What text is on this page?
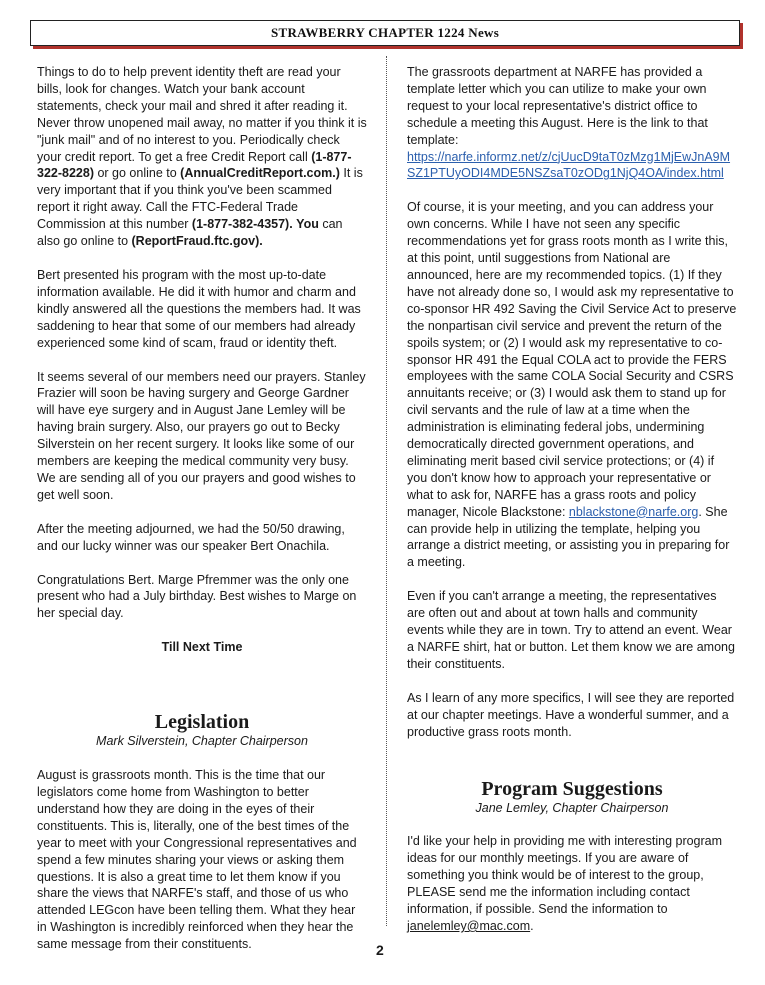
STRAWBERRY CHAPTER 1224 News

Things to do to help prevent identity theft are read your bills, look for changes. Watch your bank account statements, check your mail and shred it after reading it. Never throw unopened mail away, no matter if you think it is "junk mail" and of no interest to you. Periodically check your credit report. To get a free Credit Report call (1-877-322-8228) or go online to (AnnualCreditReport.com.) It is very important that if you think you've been scammed report it right away. Call the FTC-Federal Trade Commission at this number (1-877-382-4357). You can also go online to (ReportFraud.ftc.gov).

Bert presented his program with the most up-to-date information available. He did it with humor and charm and kindly answered all the questions the members had. It was saddening to hear that some of our members had already experienced some kind of scam, fraud or identity theft.

It seems several of our members need our prayers. Stanley Frazier will soon be having surgery and George Gardner will have eye surgery and in August Jane Lemley will be having brain surgery. Also, our prayers go out to Becky Silverstein on her recent surgery. It looks like some of our members are keeping the medical community very busy. We are sending all of you our prayers and good wishes to get well soon.

After the meeting adjourned, we had the 50/50 drawing, and our lucky winner was our speaker Bert Onachila.

Congratulations Bert. Marge Pfremmer was the only one present who had a July birthday. Best wishes to Marge on her special day.

Till Next Time

Legislation

Mark Silverstein, Chapter Chairperson

August is grassroots month. This is the time that our legislators come home from Washington to better understand how they are doing in the eyes of their constituents. This is, literally, one of the best times of the year to meet with your Congressional representatives and spend a few minutes sharing your views or asking them questions. It is also a great time to let them know if you share the views that NARFE's staff, and those of us who attended LEGcon have been telling them. What they hear in Washington is incredibly reinforced when they hear the same message from their constituents.

The grassroots department at NARFE has provided a template letter which you can utilize to make your own request to your local representative's district office to schedule a meeting this August. Here is the link to that template:
https://narfe.informz.net/z/cjUucD9taT0zMzg1MjEwJnA9MSZ1PTUyODI4MDE5NSZsaT0zODg1NjQ4OA/index.html

Of course, it is your meeting, and you can address your own concerns. While I have not seen any specific recommendations yet for grass roots month as I write this, at this point, until suggestions from National are announced, here are my recommended topics. (1) If they have not already done so, I would ask my representative to co-sponsor HR 492 Saving the Civil Service Act to preserve the nonpartisan civil service and prevent the return of the spoils system; or (2) I would ask my representative to co-sponsor HR 491 the Equal COLA act to provide the FERS employees with the same COLA Social Security and CSRS annuitants receive; or (3) I would ask them to stand up for civil servants and the rule of law at a time when the administration is eliminating federal jobs, undermining democratically directed government operations, and eliminating merit based civil service protections; or (4) if you don't know how to approach your representative or what to ask for, NARFE has a grass roots and policy manager, Nicole Blackstone: nblackstone@narfe.org. She can provide help in utilizing the template, helping you arrange a district meeting, or assisting you in preparing for a meeting.

Even if you can't arrange a meeting, the representatives are often out and about at town halls and community events while they are in town. Try to attend an event. Wear a NARFE shirt, hat or button. Let them know we are among their constituents.

As I learn of any more specifics, I will see they are reported at our chapter meetings. Have a wonderful summer, and a productive grass roots month.

Program Suggestions

Jane Lemley, Chapter Chairperson

I'd like your help in providing me with interesting program ideas for our monthly meetings. If you are aware of something you think would be of interest to the group, PLEASE send me the information including contact information, if possible. Send the information to janelemley@mac.com.

2
